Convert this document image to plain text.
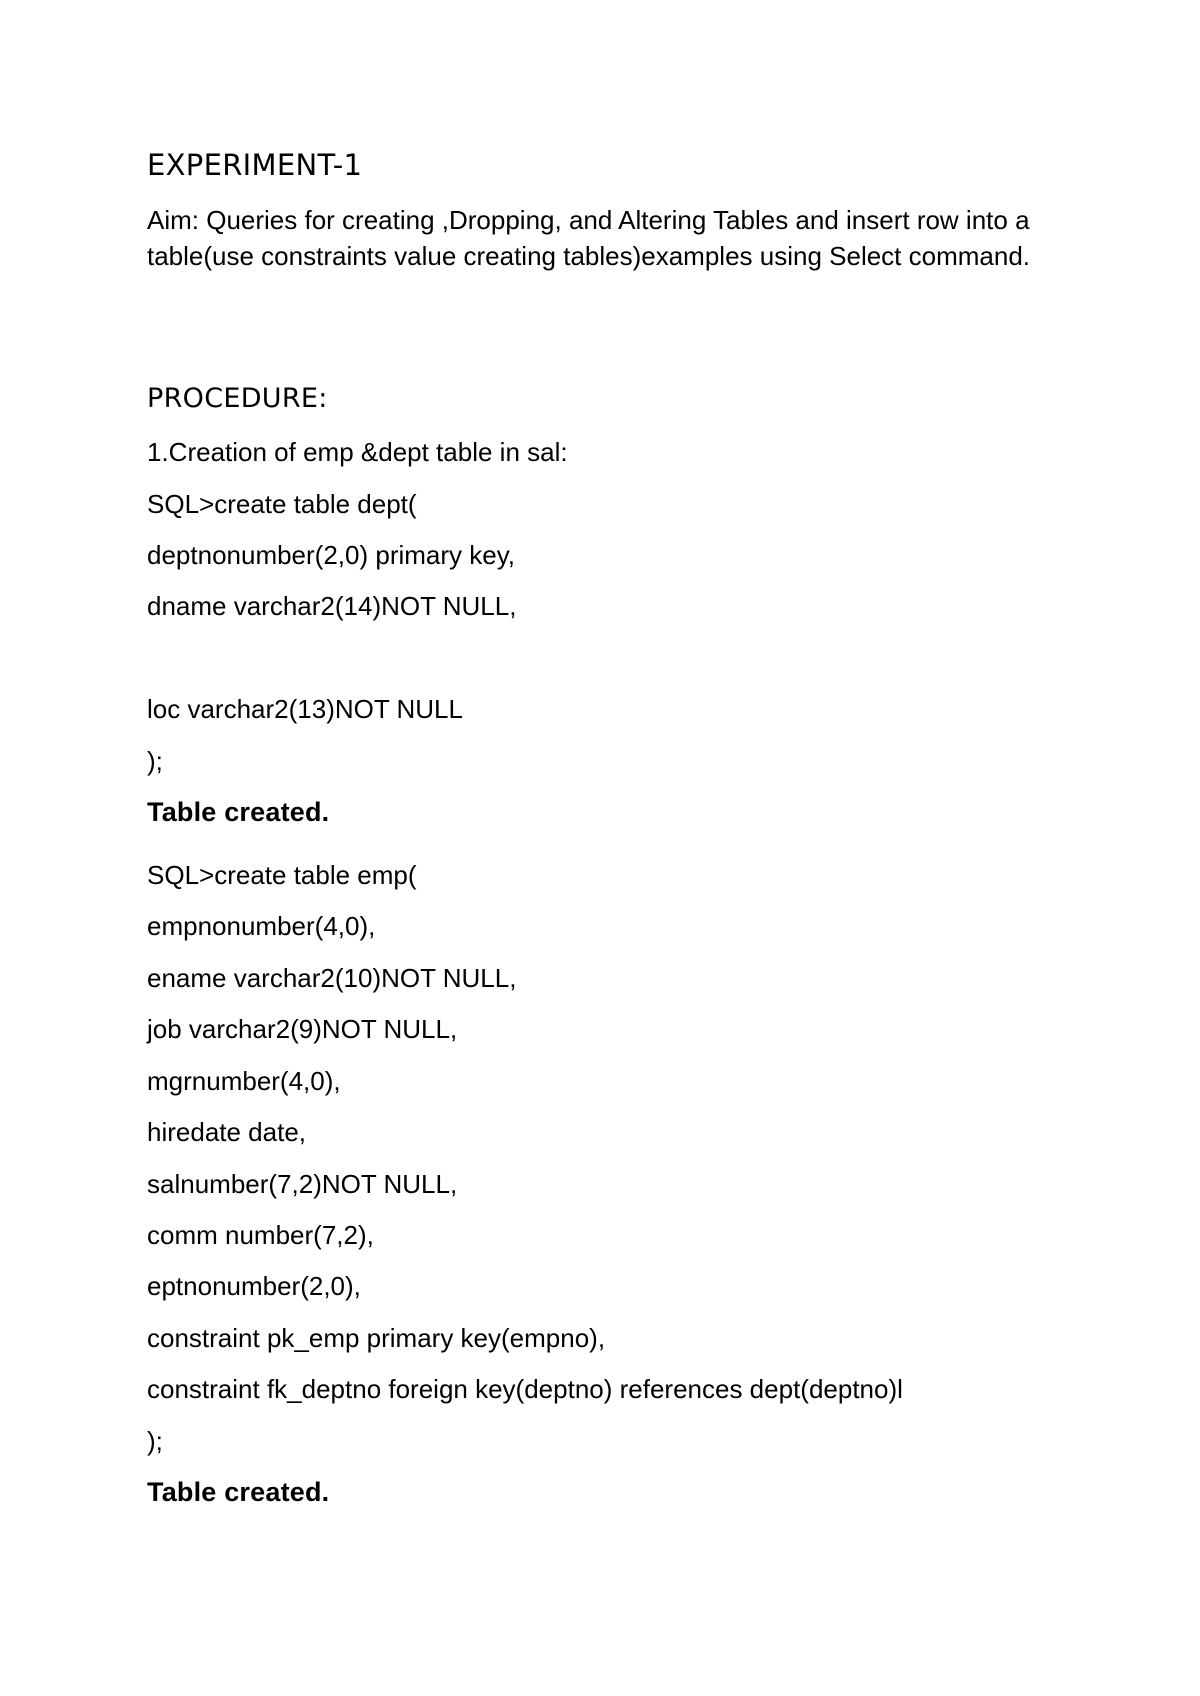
EXPERIMENT-1
Aim: Queries for creating ,Dropping, and Altering Tables and insert row into a table(use constraints value creating tables)examples using Select command.
PROCEDURE:
1.Creation of emp &dept table in sal:
SQL>create table dept(
deptnonumber(2,0) primary key,
dname varchar2(14)NOT NULL,
loc varchar2(13)NOT NULL
);
Table created.
SQL>create table emp(
empnonumber(4,0),
ename varchar2(10)NOT NULL,
job varchar2(9)NOT NULL,
mgrnumber(4,0),
hiredate date,
salnumber(7,2)NOT NULL,
comm number(7,2),
eptnonumber(2,0),
constraint pk_emp primary key(empno),
constraint fk_deptno foreign key(deptno) references dept(deptno)l
);
Table created.
